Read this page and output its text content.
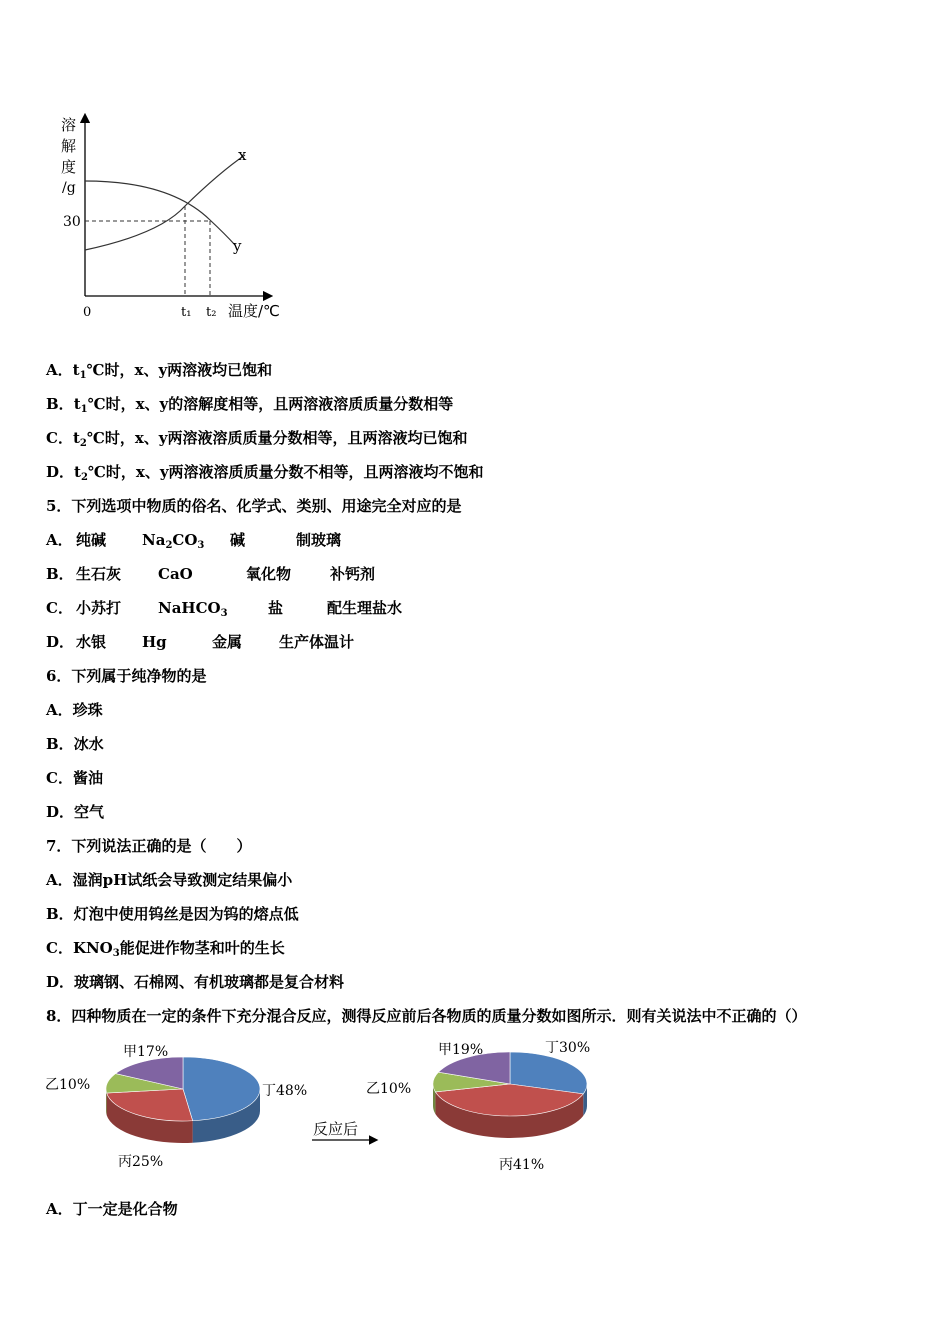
溶
解
度
/g
30
0	t₁ t₂ 温度/℃
x
y
A．$t_1℃$时，x、y两溶液均已饱和
B．$t_1℃$时，x、y的溶解度相等，且两溶液溶质质量分数相等
C．$t_2℃$时，x、y两溶液溶质质量分数相等，且两溶液均已饱和
D．$t_2℃$时，x、y两溶液溶质质量分数不相等，且两溶液均不饱和
5．下列选项中物质的俗名、化学式、类别、用途完全对应的是
A． 纯碱 $Na_2CO_3$ 碱	制玻璃
B． 生石灰 CaO	氧化物	补钙剂
C． 小苏打 NaHCO$_3$	盐	配生理盐水
D． 水银 Hg	金属 生产体温计
6．下列属于纯净物的是
A．珍珠
B．冰水
C．酱油
D．空气
7．下列说法正确的是（　　）
A．湿润pH试纸会导致测定结果偏小
B．灯泡中使用钨丝是因为钨的熔点低
C．$KNO_3$能促进作物茎和叶的生长
D．玻璃钢、石棉网、有机玻璃都是复合材料
8．四种物质在一定的条件下充分混合反应，测得反应前后各物质的质量分数如图所示．则有关说法中不正确的（）
甲17%
乙10%	丁48%
丙25%
反应后
甲19%
乙10%
丁30%
丙41%
A．丁一定是化合物
